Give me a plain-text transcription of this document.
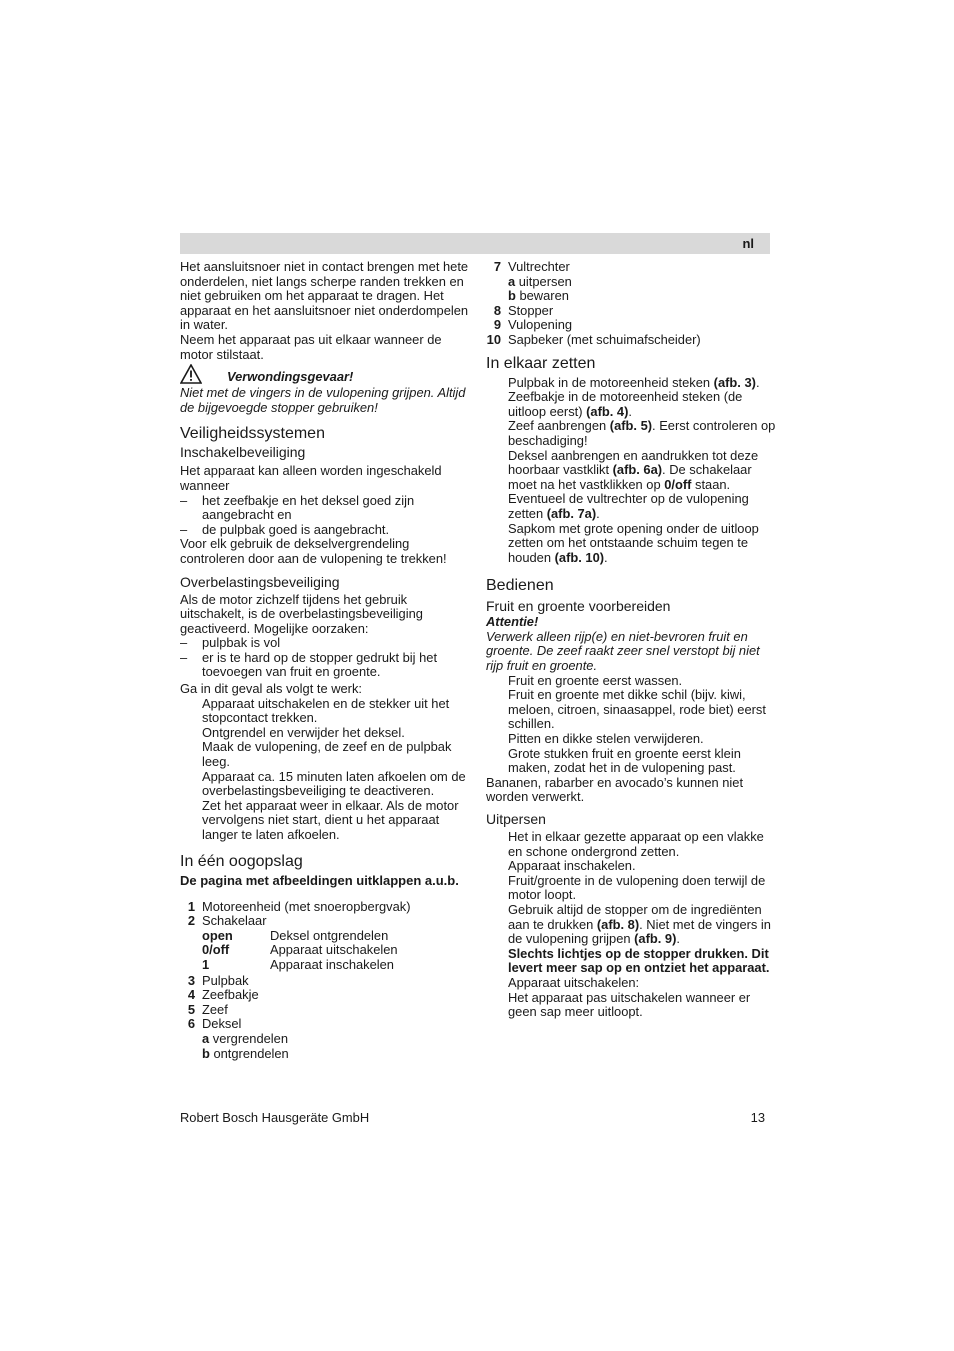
nl

Het aansluitsnoer niet in contact brengen met hete onderdelen, niet langs scherpe randen trekken en niet gebruiken om het apparaat te dragen. Het apparaat en het aansluitsnoer niet onderdompelen in water.

Neem het apparaat pas uit elkaar wanneer de motor stilstaat.

Verwondingsgevaar!

Niet met de vingers in de vulopening grijpen. Altijd de bijgevoegde stopper gebruiken!

Veiligheidssystemen

Inschakelbeveiliging

Het apparaat kan alleen worden ingeschakeld wanneer

–	het zeefbakje en het deksel goed zijn aangebracht en
–	de pulpbak goed is aangebracht.

Voor elk gebruik de dekselvergrendeling controleren door aan de vulopening te trekken!

Overbelastingsbeveiliging

Als de motor zichzelf tijdens het gebruik uitschakelt, is de overbelastingsbeveiliging geactiveerd. Mogelijke oorzaken:

–	pulpbak is vol
–	er is te hard op de stopper gedrukt bij het toevoegen van fruit en groente.

Ga in dit geval als volgt te werk:

Apparaat uitschakelen en de stekker uit het stopcontact trekken.

Ontgrendel en verwijder het deksel.

Maak de vulopening, de zeef en de pulpbak leeg.

Apparaat ca. 15 minuten laten afkoelen om de overbelastingsbeveiliging te deactiveren.

Zet het apparaat weer in elkaar. Als de motor vervolgens niet start, dient u het apparaat langer te laten afkoelen.

In één oogopslag

De pagina met afbeeldingen uitklappen a.u.b.

1 Motoreenheid (met snoeropbergvak)
2 Schakelaar
open	Deksel ontgrendelen
0/off	Apparaat uitschakelen
1	Apparaat inschakelen
3 Pulpbak
4 Zeefbakje
5 Zeef
6 Deksel
a vergrendelen
b ontgrendelen
7 Vultrechter
a uitpersen
b bewaren
8 Stopper
9 Vulopening
10 Sapbeker (met schuimafscheider)

In elkaar zetten

Pulpbak in de motoreenheid steken (afb. 3).

Zeefbakje in de motoreenheid steken (de uitloop eerst) (afb. 4).

Zeef aanbrengen (afb. 5). Eerst controleren op beschadiging!

Deksel aanbrengen en aandrukken tot deze hoorbaar vastklikt (afb. 6a). De schakelaar moet na het vastklikken op 0/off staan.

Eventueel de vultrechter op de vulopening zetten (afb. 7a).

Sapkom met grote opening onder de uitloop zetten om het ontstaande schuim tegen te houden (afb. 10).

Bedienen

Fruit en groente voorbereiden

Attentie!

Verwerk alleen rijp(e) en niet-bevroren fruit en groente. De zeef raakt zeer snel verstopt bij niet rijp fruit en groente.

Fruit en groente eerst wassen.

Fruit en groente met dikke schil (bijv. kiwi, meloen, citroen, sinaasappel, rode biet) eerst schillen.

Pitten en dikke stelen verwijderen.

Grote stukken fruit en groente eerst klein maken, zodat het in de vulopening past.

Bananen, rabarber en avocado’s kunnen niet worden verwerkt.

Uitpersen

Het in elkaar gezette apparaat op een vlakke en schone ondergrond zetten.

Apparaat inschakelen.

Fruit/groente in de vulopening doen terwijl de motor loopt.

Gebruik altijd de stopper om de ingrediënten aan te drukken (afb. 8). Niet met de vingers in de vulopening grijpen (afb. 9).

Slechts lichtjes op de stopper drukken. Dit levert meer sap op en ontziet het apparaat.

Apparaat uitschakelen:

Het apparaat pas uitschakelen wanneer er geen sap meer uitloopt.

Robert Bosch Hausgeräte GmbH	13
